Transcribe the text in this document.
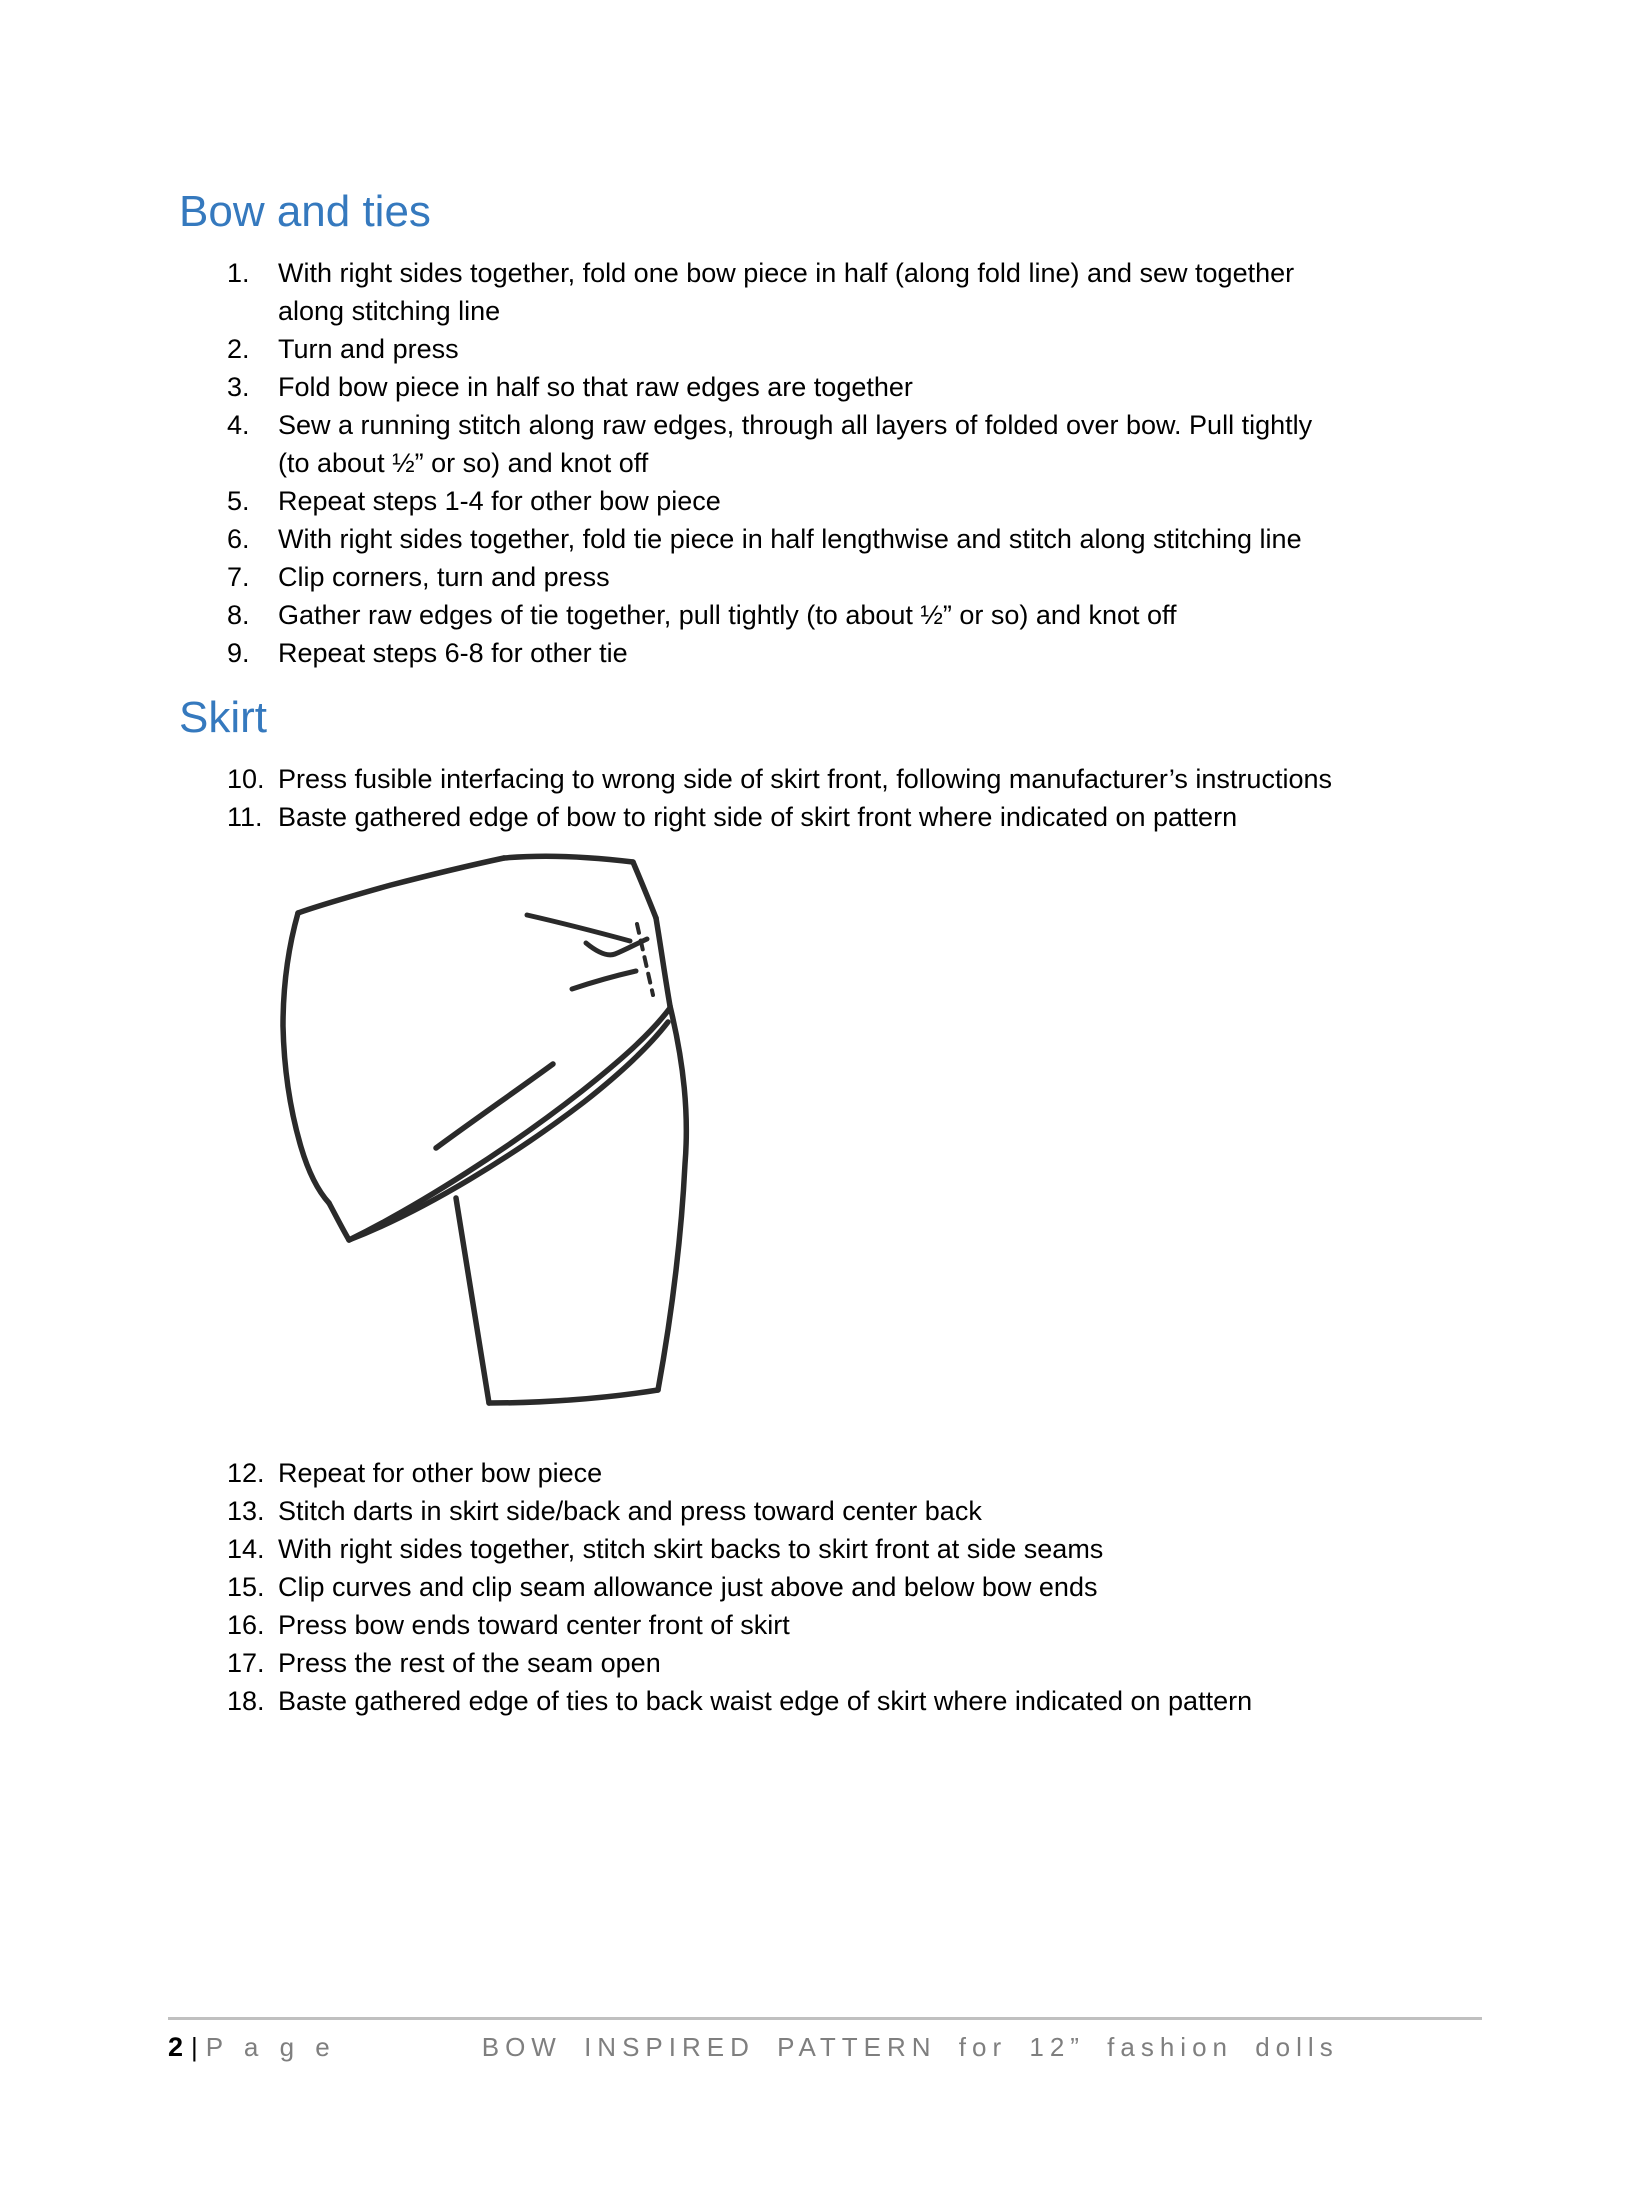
Bow and ties
1. With right sides together, fold one bow piece in half (along fold line) and sew together
along stitching line
2. Turn and press
3. Fold bow piece in half so that raw edges are together
4. Sew a running stitch along raw edges, through all layers of folded over bow. Pull tightly
(to about ½” or so) and knot off
5. Repeat steps 1-4 for other bow piece
6. With right sides together, fold tie piece in half lengthwise and stitch along stitching line
7. Clip corners, turn and press
8. Gather raw edges of tie together, pull tightly (to about ½” or so) and knot off
9. Repeat steps 6-8 for other tie
Skirt
10. Press fusible interfacing to wrong side of skirt front, following manufacturer’s instructions
11. Baste gathered edge of bow to right side of skirt front where indicated on pattern
12. Repeat for other bow piece
13. Stitch darts in skirt side/back and press toward center back
14. With right sides together, stitch skirt backs to skirt front at side seams
15. Clip curves and clip seam allowance just above and below bow ends
16. Press bow ends toward center front of skirt
17. Press the rest of the seam open
18. Baste gathered edge of ties to back waist edge of skirt where indicated on pattern
2 | P a g e	BOW INSPIRED PATTERN for 12” fashion dolls
